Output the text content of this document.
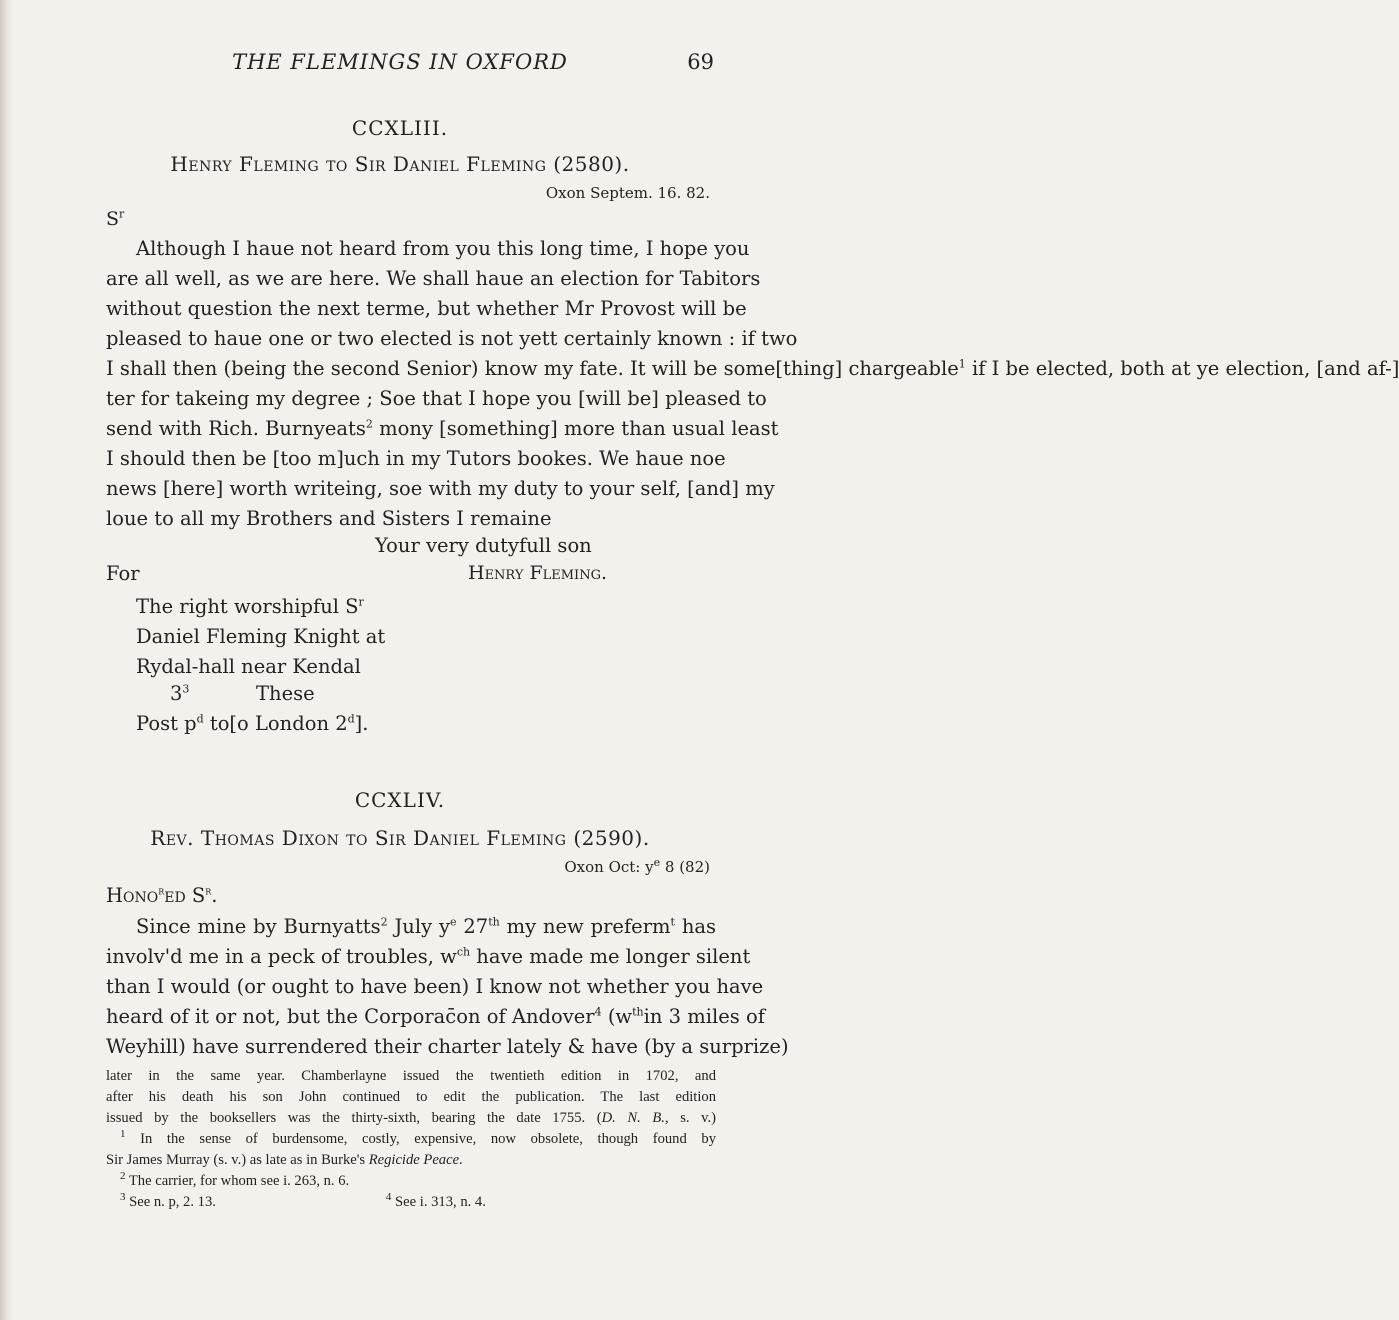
THE FLEMINGS IN OXFORD	69
CCXLIII.
Henry Fleming to Sir Daniel Fleming (2580).
Oxon Septem. 16. 82.
$S^r$
Although I haue not heard from you this long time, I hope you
are all well, as we are here. We shall haue an election for Tabitors
without question the next terme, but whether Mr Provost will be
pleased to haue one or two elected is not yett certainly known : if two
I shall then (being the second Senior) know my fate. It will be some[thing] chargeable$^1$ if I be elected, both at ye election, [and af-]
ter for takeing my degree ; Soe that I hope you [will be] pleased to
send with Rich. Burnyeats$^2$ mony [something] more than usual least
I should then be [too m]uch in my Tutors bookes. We haue noe
news [here] worth writeing, soe with my duty to your self, [and] my
loue to all my Brothers and Sisters I remaine
Your very dutyfull son
For	Henry Fleming.
The right worshipful $S^r$
Daniel Fleming Knight at
Rydal-hall near Kendal
$3^3$	These
Post $p^d$ to[o London 2$^d$].
CCXLIV.
Rev. Thomas Dixon to Sir Daniel Fleming (2590).
Oxon Oct: $y^e$ 8 (82)
Hono$^r$ed $S^r$.
Since mine by Burnyatts$^2$ July $y^e$ 27th my new preferm$^t$ has
involv'd me in a peck of troubles, $w^{ch}$ have made me longer silent
than I would (or ought to have been) I know not whether you have
heard of it or not, but the Corporac̄on of Andover$^4$ ($w^{th}in$ 3 miles of
Weyhill) have surrendered their charter lately & have (by a surprize)
later in the same year. Chamberlayne issued the twentieth edition in 1702, and
after his death his son John continued to edit the publication. The last edition
issued by the booksellers was the thirty-sixth, bearing the date 1755. (D. N. B., s. v.)
$^1$ In the sense of burdensome, costly, expensive, now obsolete, though found by
Sir James Murray (s. v.) as late as in Burke's Regicide Peace.
$^2$ The carrier, for whom see i. 263, n. 6.
$^3$ See n. p, 2. 13.	$^4$ See i. 313, n. 4.
